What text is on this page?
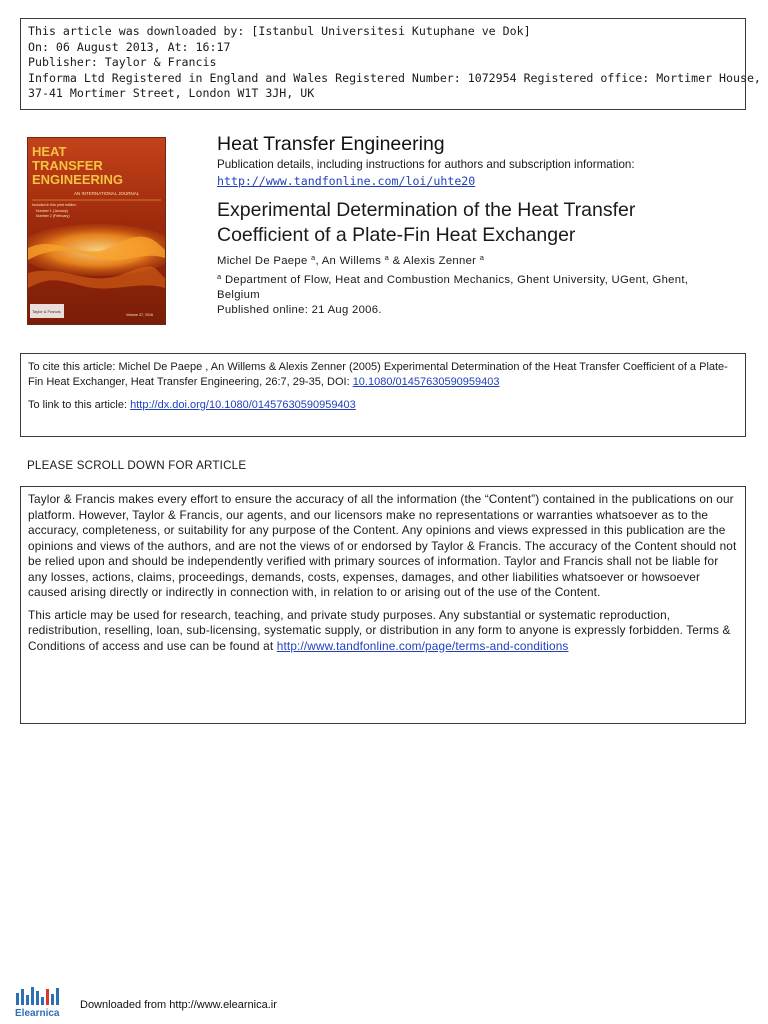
This article was downloaded by: [Istanbul Universitesi Kutuphane ve Dok]
On: 06 August 2013, At: 16:17
Publisher: Taylor & Francis
Informa Ltd Registered in England and Wales Registered Number: 1072954 Registered office: Mortimer House,
37-41 Mortimer Street, London W1T 3JH, UK
HEAT
TRANSFER
ENGINEERING
AN INTERNATIONAL JOURNAL
Included in this print edition:
Number 1 (January)
Number 2 (February)
Taylor & Francis
Volume 37, 2016
Heat Transfer Engineering
Publication details, including instructions for authors and subscription information:
http://www.tandfonline.com/loi/uhte20
Experimental Determination of the Heat Transfer Coefficient of a Plate-Fin Heat Exchanger
Michel De Paepe $^a$, An Willems $^a$ & Alexis Zenner $^a$
$^a$ Department of Flow, Heat and Combustion Mechanics, Ghent University, UGent, Ghent, Belgium
Published online: 21 Aug 2006.
To cite this article: Michel De Paepe , An Willems & Alexis Zenner (2005) Experimental Determination of the Heat Transfer Coefficient of a Plate-Fin Heat Exchanger, Heat Transfer Engineering, 26:7, 29-35, DOI: 10.1080/01457630590959403
To link to this article: http://dx.doi.org/10.1080/01457630590959403
PLEASE SCROLL DOWN FOR ARTICLE

Taylor & Francis makes every effort to ensure the accuracy of all the information (the “Content”) contained in the publications on our platform. However, Taylor & Francis, our agents, and our licensors make no representations or warranties whatsoever as to the accuracy, completeness, or suitability for any purpose of the Content. Any opinions and views expressed in this publication are the opinions and views of the authors, and are not the views of or endorsed by Taylor & Francis. The accuracy of the Content should not be relied upon and should be independently verified with primary sources of information. Taylor and Francis shall not be liable for any losses, actions, claims, proceedings, demands, costs, expenses, damages, and other liabilities whatsoever or howsoever caused arising directly or indirectly in connection with, in relation to or arising out of the use of the Content.

This article may be used for research, teaching, and private study purposes. Any substantial or systematic reproduction, redistribution, reselling, loan, sub-licensing, systematic supply, or distribution in any form to anyone is expressly forbidden. Terms & Conditions of access and use can be found at http://www.tandfonline.com/page/terms-and-conditions

Elearnica
Downloaded from http://www.elearnica.ir
